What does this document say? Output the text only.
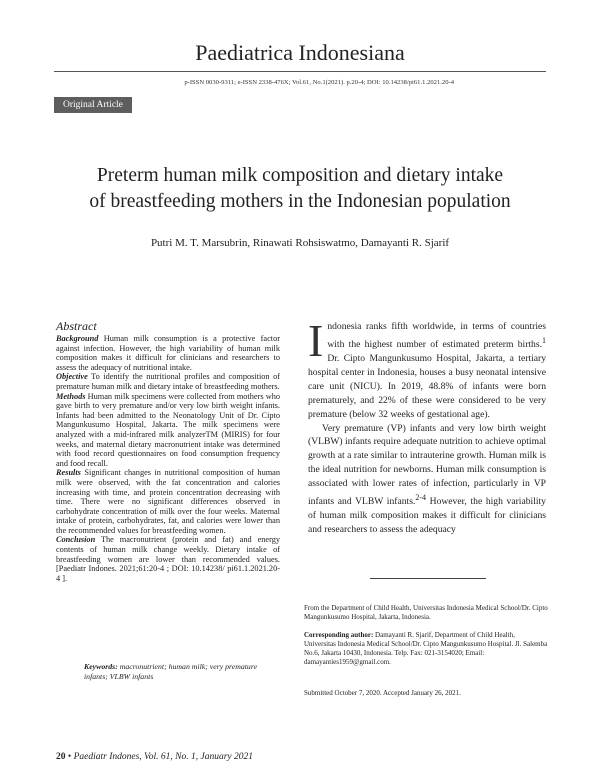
Paediatrica Indonesiana
p-ISSN 0030-9311; e-ISSN 2338-476X; Vol.61, No.1(2021). p.20-4; DOI: 10.14238/pi61.1.2021.20-4
Original Article
Preterm human milk composition and dietary intake
of breastfeeding mothers in the Indonesian population
Putri M. T. Marsubrin, Rinawati Rohsiswatmo, Damayanti R. Sjarif
Abstract

Background Human milk consumption is a protective factor against infection. However, the high variability of human milk composition makes it difficult for clinicians and researchers to assess the adequacy of nutritional intake.

Objective To identify the nutritional profiles and composition of premature human milk and dietary intake of breastfeeding mothers.

Methods Human milk specimens were collected from mothers who gave birth to very premature and/or very low birth weight infants. Infants had been admitted to the Neonatology Unit of Dr. Cipto Mangunkusumo Hospital, Jakarta. The milk specimens were analyzed with a mid-infrared milk analyzerTM (MIRIS) for four weeks, and maternal dietary macronutrient intake was determined with food record questionnaires on food consumption frequency and food recall.

Results Significant changes in nutritional composition of human milk were observed, with the fat concentration and calories increasing with time, and protein concentration decreasing with time. There were no significant differences observed in carbohydrate concentration of milk over the four weeks. Maternal intake of protein, carbohydrates, fat, and calories were lower than the recommended values for breastfeeding women.

Conclusion The macronutrient (protein and fat) and energy contents of human milk change weekly. Dietary intake of breastfeeding women are lower than recommended values. [Paediatr Indones. 2021;61:20-4 ; DOI: 10.14238/ pi61.1.2021.20-4 ].

Keywords: macronutrient; human milk; very premature infants; VLBW infants

Indonesia ranks fifth worldwide, in terms of countries with the highest number of estimated preterm births.$^1$ Dr. Cipto Mangunkusumo Hospital, Jakarta, a tertiary hospital center in Indonesia, houses a busy neonatal intensive care unit (NICU). In 2019, 48.8% of infants were born prematurely, and 22% of these were considered to be very premature (below 32 weeks of gestational age).

Very premature (VP) infants and very low birth weight (VLBW) infants require adequate nutrition to achieve optimal growth at a rate similar to intrauterine growth. Human milk is the ideal nutrition for newborns. Human milk consumption is associated with lower rates of infection, particularly in VP infants and VLBW infants.$^{2-4}$ However, the high variability of human milk composition makes it difficult for clinicians and researchers to assess the adequacy

From the Department of Child Health, Universitas Indonesia Medical School/Dr. Cipto Mangunkusumo Hospital, Jakarta, Indonesia.
Corresponding author: Damayanti R. Sjarif, Department of Child Health, Universitas Indonesia Medical School/Dr. Cipto Mangunkusumo Hospital. Jl. Salemba No.6, Jakarta 10430, Indonesia. Telp. Fax: 021-3154020; Email: damayanties1959@gmail.com.
Submitted October 7, 2020. Accepted January 26, 2021.
20 • Paediatr Indones, Vol. 61, No. 1, January 2021
